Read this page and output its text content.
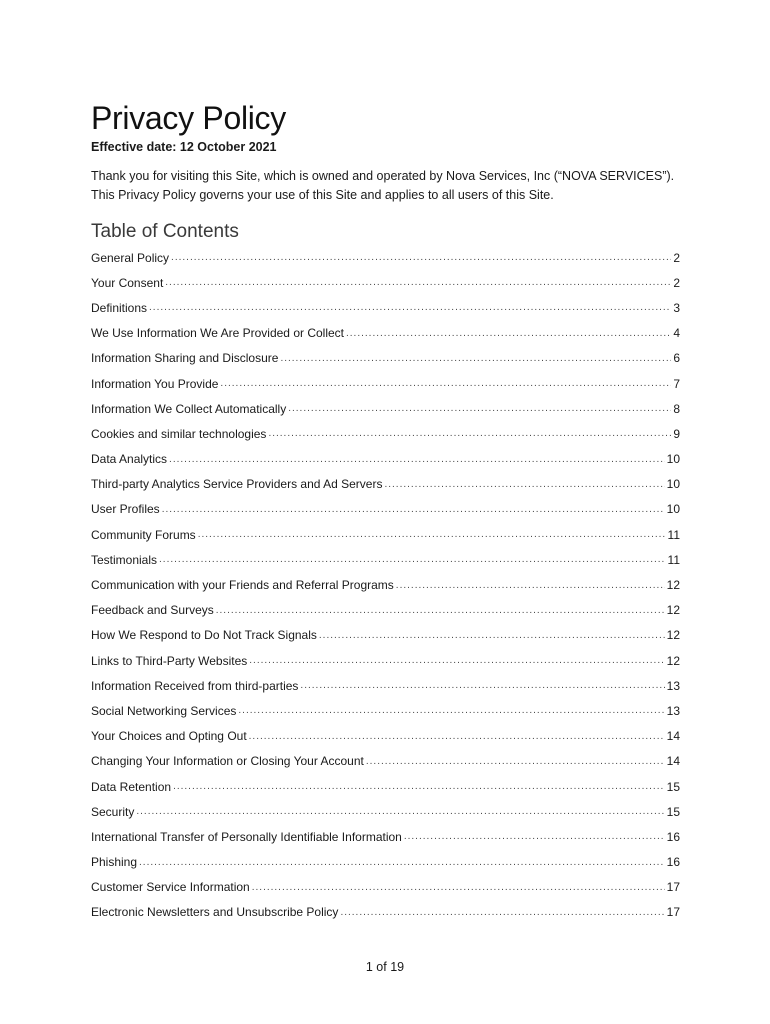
Privacy Policy

Effective date: 12 October 2021

Thank you for visiting this Site, which is owned and operated by Nova Services, Inc (“NOVA SERVICES”).
This Privacy Policy governs your use of this Site and applies to all users of this Site.

Table of Contents
General Policy .....	2
Your Consent .....	2
Definitions .....	3
We Use Information We Are Provided or Collect .....	4
Information Sharing and Disclosure .....	6
Information You Provide .....	7
Information We Collect Automatically .....	8
Cookies and similar technologies .....	9
Data Analytics .....	10
Third-party Analytics Service Providers and Ad Servers .....	10
User Profiles .....	10
Community Forums .....	11
Testimonials .....	11
Communication with your Friends and Referral Programs .....	12
Feedback and Surveys .....	12
How We Respond to Do Not Track Signals .....	12
Links to Third-Party Websites .....	12
Information Received from third-parties .....	13
Social Networking Services .....	13
Your Choices and Opting Out .....	14
Changing Your Information or Closing Your Account .....	14
Data Retention .....	15
Security .....	15
International Transfer of Personally Identifiable Information .....	16
Phishing .....	16
Customer Service Information .....	17
Electronic Newsletters and Unsubscribe Policy .....	17
1 of 19
